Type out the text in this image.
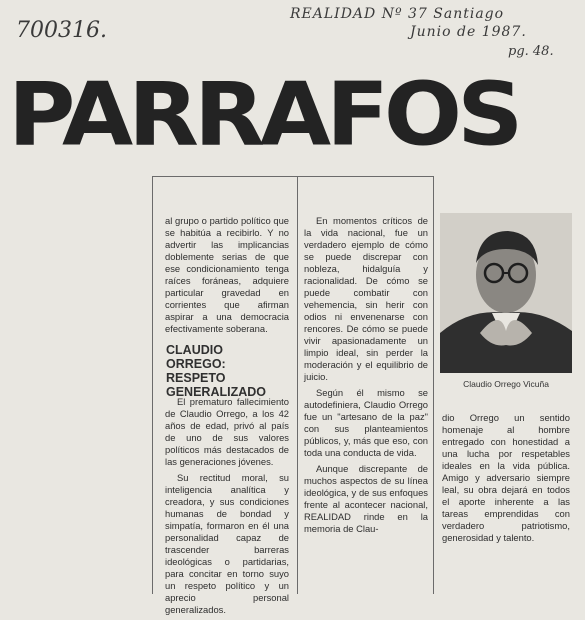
700316.
REALIDAD Nº 37 Santiago
Junio de 1987.
pg. 48.
PARRAFOS

al grupo o partido político que se habitúa a recibirlo. Y no advertir las implicancias doblemente serias de que ese condicionamiento tenga raíces foráneas, adquiere particular gravedad en corrientes que afirman aspirar a una democracia efectivamente soberana.

CLAUDIO ORREGO: RESPETO GENERALIZADO

El prematuro fallecimiento de Claudio Orrego, a los 42 años de edad, privó al país de uno de sus valores políticos más destacados de las generaciones jóvenes.

Su rectitud moral, su inteligencia analítica y creadora, y sus condiciones humanas de bondad y simpatía, formaron en él una personalidad capaz de trascender barreras ideológicas o partidarias, para concitar en torno suyo un respeto político y un aprecio personal generalizados.

En momentos críticos de la vida nacional, fue un verdadero ejemplo de cómo se puede discrepar con nobleza, hidalguía y racionalidad. De cómo se puede combatir con vehemencia, sin herir con odios ni envenenarse con rencores. De cómo se puede vivir apasionadamente un limpio ideal, sin perder la moderación y el equilibrio de juicio.

Según él mismo se autodefiniera, Claudio Orrego fue un "artesano de la paz" con sus planteamientos públicos, y, más que eso, con toda una conducta de vida.

Aunque discrepante de muchos aspectos de su línea ideológica, y de sus enfoques frente al acontecer nacional, REALIDAD rinde en la memoria de Clau-

Claudio Orrego Vicuña

dio Orrego un sentido homenaje al hombre entregado con honestidad a una lucha por respetables ideales en la vida pública. Amigo y adversario siempre leal, su obra dejará en todos el aporte inherente a las tareas emprendidas con verdadero patriotismo, generosidad y talento.
